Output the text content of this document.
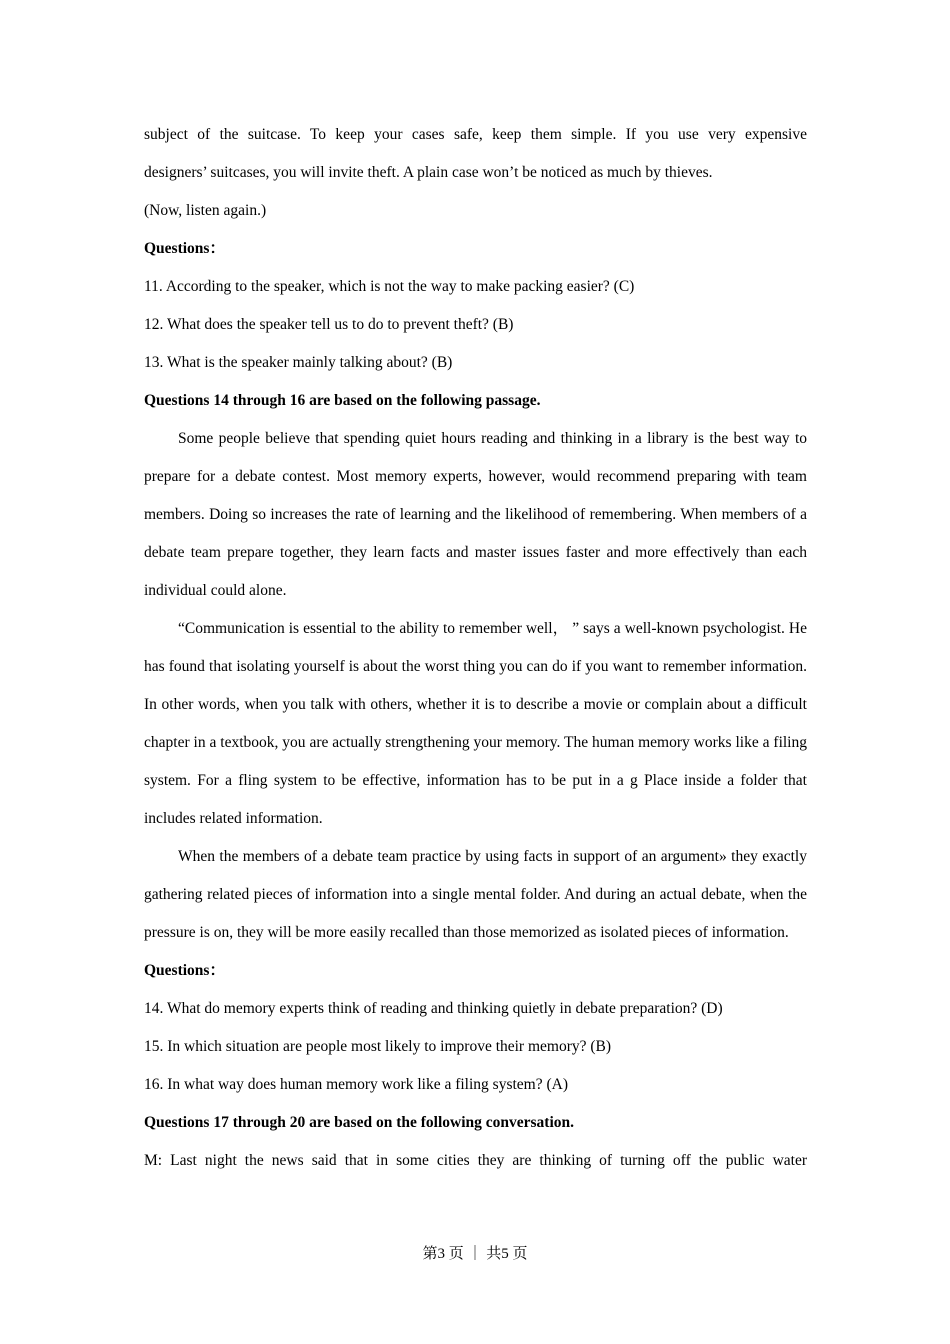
subject of the suitcase. To keep your cases safe, keep them simple. If you use very expensive

designers’ suitcases, you will invite theft. A plain case won’t be noticed as much by thieves.

(Now, listen again.)

Questions：

11. According to the speaker, which is not the way to make packing easier? (C)

12. What does the speaker tell us to do to prevent theft? (B)

13. What is the speaker mainly talking about? (B)

Questions 14 through 16 are based on the following passage.

Some people believe that spending quiet hours reading and thinking in a library is the best way to prepare for a debate contest. Most memory experts, however, would recommend preparing with team members. Doing so increases the rate of learning and the likelihood of remembering. When members of a debate team prepare together, they learn facts and master issues faster and more effectively than each individual could alone.

“Communication is essential to the ability to remember well， ” says a well-known psychologist. He has found that isolating yourself is about the worst thing you can do if you want to remember information. In other words, when you talk with others, whether it is to describe a movie or complain about a difficult chapter in a textbook, you are actually strengthening your memory. The human memory works like a filing system. For a fling system to be effective, information has to be put in a g Place inside a folder that includes related information.

When the members of a debate team practice by using facts in support of an argument» they exactly gathering related pieces of information into a single mental folder. And during an actual debate, when the pressure is on, they will be more easily recalled than those memorized as isolated pieces of information.

Questions：

14. What do memory experts think of reading and thinking quietly in debate preparation? (D)

15. In which situation are people most likely to improve their memory? (B)

16. In what way does human memory work like a filing system? (A)

Questions 17 through 20 are based on the following conversation.

M: Last night the news said that in some cities they are thinking of turning off the public water

第3 页 ｜ 共5 页
